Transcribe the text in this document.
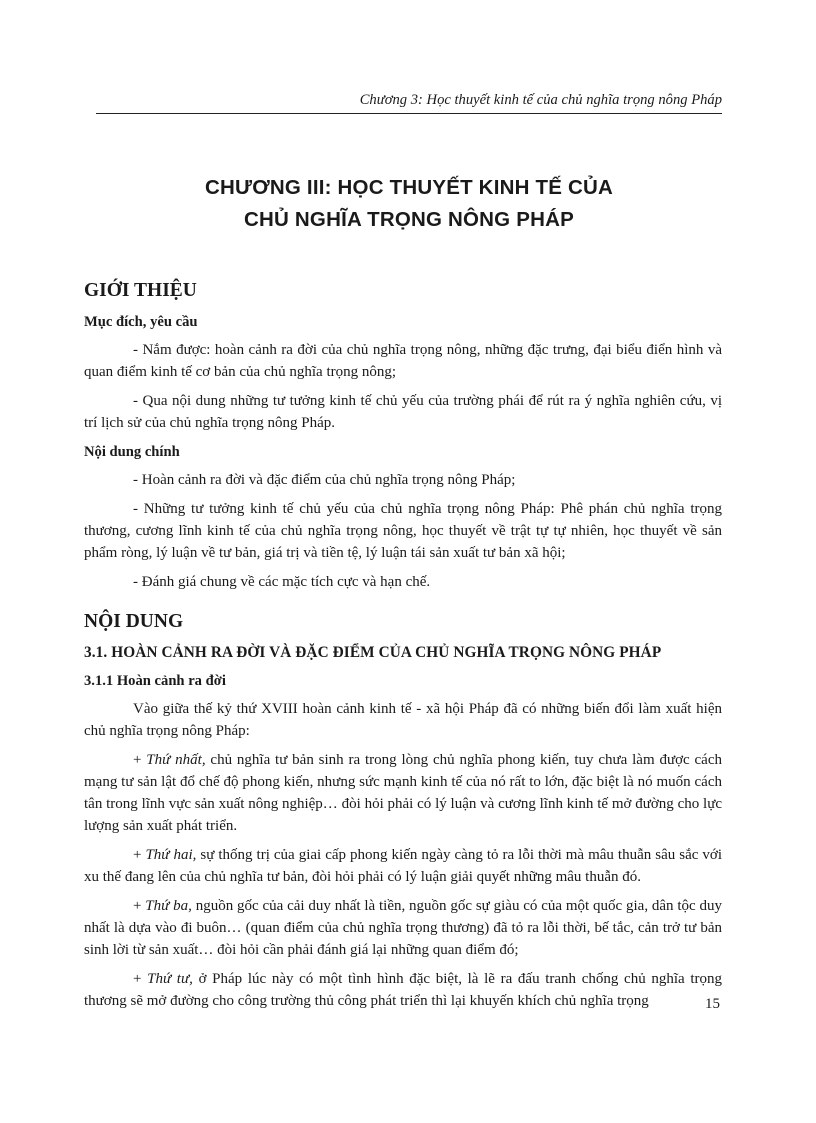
Chương 3: Học thuyết kinh tế của chủ nghĩa trọng nông Pháp
CHƯƠNG III: HỌC THUYẾT KINH TẾ CỦA
CHỦ NGHĨA TRỌNG NÔNG PHÁP
GIỚI THIỆU
Mục đích, yêu cầu
- Nắm được: hoàn cảnh ra đời của chủ nghĩa trọng nông, những đặc trưng, đại biểu điển hình và quan điểm kinh tế cơ bản của chủ nghĩa trọng nông;
- Qua nội dung những tư tưởng kinh tế chủ yếu của trường phái để rút ra ý nghĩa nghiên cứu, vị trí lịch sử của chủ nghĩa trọng nông Pháp.
Nội dung chính
- Hoàn cảnh ra đời và đặc điểm của chủ nghĩa trọng nông Pháp;
- Những tư tưởng kinh tế chủ yếu của chủ nghĩa trọng nông Pháp: Phê phán chủ nghĩa trọng thương, cương lĩnh kinh tế của chủ nghĩa trọng nông, học thuyết về trật tự tự nhiên, học thuyết về sản phẩm ròng, lý luận về tư bản, giá trị và tiền tệ, lý luận tái sản xuất tư bản xã hội;
- Đánh giá chung về các mặc tích cực và hạn chế.
NỘI DUNG
3.1. HOÀN CẢNH RA ĐỜI VÀ ĐẶC ĐIỂM CỦA CHỦ NGHĨA TRỌNG NÔNG PHÁP
3.1.1 Hoàn cảnh ra đời
Vào giữa thế kỷ thứ XVIII hoàn cảnh kinh tế - xã hội Pháp đã có những biến đổi làm xuất hiện chủ nghĩa trọng nông Pháp:
+ Thứ nhất, chủ nghĩa tư bản sinh ra trong lòng chủ nghĩa phong kiến, tuy chưa làm được cách mạng tư sản lật đổ chế độ phong kiến, nhưng sức mạnh kinh tế của nó rất to lớn, đặc biệt là nó muốn cách tân trong lĩnh vực sản xuất nông nghiệp… đòi hỏi phải có lý luận và cương lĩnh kinh tế mở đường cho lực lượng sản xuất phát triển.
+ Thứ hai, sự thống trị của giai cấp phong kiến ngày càng tỏ ra lỗi thời mà mâu thuẫn sâu sắc với xu thế đang lên của chủ nghĩa tư bản, đòi hỏi phải có lý luận giải quyết những mâu thuẫn đó.
+ Thứ ba, nguồn gốc của cải duy nhất là tiền, nguồn gốc sự giàu có của một quốc gia, dân tộc duy nhất là dựa vào đi buôn… (quan điểm của chủ nghĩa trọng thương) đã tỏ ra lỗi thời, bế tắc, cản trở tư bản sinh lời từ sản xuất… đòi hỏi cần phải đánh giá lại những quan điểm đó;
+ Thứ tư, ở Pháp lúc này có một tình hình đặc biệt, là lẽ ra đấu tranh chống chủ nghĩa trọng thương sẽ mở đường cho công trường thủ công phát triển thì lại khuyến khích chủ nghĩa trọng	15
